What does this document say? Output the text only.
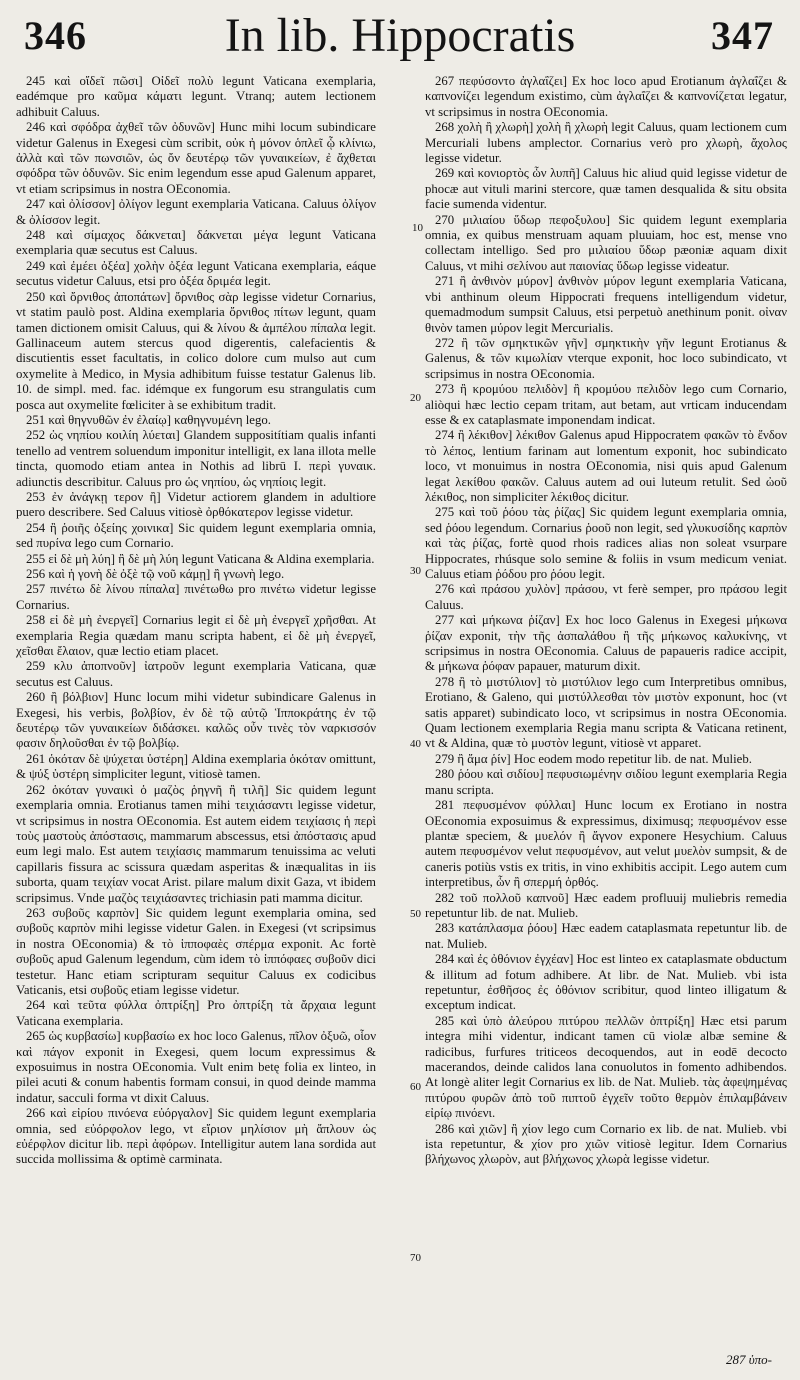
346	In lib. Hippocratis	347

245 καὶ οἴδεῖ πῶσι] Οἰδεῖ πολὺ legunt Vaticana exemplaria, eadémque pro καῦμα κάματι legunt. Vtranq; autem lectionem adhibuit Caluus.

246 καὶ σφόδρα ἀχθεῖ τῶν ὀδυνῶν] Hunc mihi locum subindicare videtur Galenus in Exegesi cùm scribit, οὐκ ἠ μόνον ὁπλεῖ ᾧ κλίνιω, ἀλλὰ καὶ τῶν πωνσιῶν, ὡς ὄν δευτέρῳ τῶν γυναικείων, ἐ ἄχθεται σφόδρα τῶν ὀδυνῶν. Sic enim legendum esse apud Galenum apparet, vt etiam scripsimus in nostra OEconomia.

247 καὶ ὀλίσσον] ὀλίγον legunt exemplaria Vaticana. Caluus ὀλίγον & ὀλίσσον legit.

248 καὶ σίμαχος δάκνεται] δάκνεται μέγα legunt Vaticana exemplaria quæ secutus est Caluus.

249 καὶ ἐμέει ὀξέα] χολὴν ὀξέα legunt Vaticana exemplaria, eáque secutus videtur Caluus, etsi pro ὀξέα δριμέα legit.

250 καὶ ὄρνιθος ἀποπάτων] ὄρνιθος σὰρ legisse videtur Cornarius, vt statim paulò post. Aldina exemplaria ὄρνιθος πίτων legunt, quam tamen dictionem omisit Caluus, qui & λίνου & ἀμπέλου πίπαλα legit. Gallinaceum autem stercus quod digerentis, calefacientis & discutientis esset facultatis, in colico dolore cum mulso aut cum oxymelite à Medico, in Mysia adhibitum fuisse testatur Galenus lib. 10. de simpl. med. fac. idémque ex fungorum esu strangulatis cum posca aut oxymelite fœliciter à se exhibitum tradit.

251 καὶ θηγνυθῶν ἐν ἐλαίῳ] καθηγνυμένη lego.

252 ὡς νηπίου κοιλίη λύεται] Glandem suppositítiam qualis infanti tenello ad ventrem soluendum imponitur intelligit, ex lana illota melle tincta, quomodo etiam antea in Nothis ad librū I. περὶ γυναικ. adiunctis describitur. Caluus pro ὡς νηπίου, ὡς νηπίοις legit.

253 ἐν ἀνάγκῃ τερον ἢ] Videtur actiorem glandem in adultiore puero describere. Sed Caluus vitiosè ὀρθόκατερον legisse videtur.

254 ἢ ῥοιῆς ὀξείης χοινικα] Sic quidem legunt exemplaria omnia, sed πυρίνα lego cum Cornario.

255 εἰ δὲ μὴ λύη] ἢ δὲ μὴ λύη legunt Vaticana & Aldina exemplaria.

256 καὶ ἡ γονὴ δὲ ὀξὲ τῷ νοῦ κάμῃ] ἢ γνωνὴ lego.

257 πινέτω δὲ λίνου πίπαλα] πινέτωθω pro πινέτω videtur legisse Cornarius.

258 εἰ δὲ μὴ ἐνεργεῖ] Cornarius legit εἰ δὲ μὴ ἐνεργεῖ χρῆσθαι. At exemplaria Regia quædam manu scripta habent, εἰ δὲ μὴ ἐνεργεῖ, χεῖσθαι ἔλαιον, quæ lectio etiam placet.

259 κλυ ἀποπνοῦν] ἰατροῦν legunt exemplaria Vaticana, quæ secutus est Caluus.

260 ἢ βόλβιον] Hunc locum mihi videtur subindicare Galenus in Exegesi, his verbis, βολβίον, ἐν δὲ τῷ αὐτῷ Ἱπποκράτης ἐν τῷ δευτέρῳ τῶν γυναικείων διδάσκει. καλῶς οὖν τινὲς τὸν ναρκισσόν φασιν δηλοῦσθαι ἐν τῷ βολβίῳ.

261 ὁκόταν δὲ ψύχεται ὑστέρη] Aldina exemplaria ὁκόταν omittunt, & ψύξ ὑστέρη simpliciter legunt, vitiosè tamen.

262 ὁκόταν γυναικὶ ὁ μαζὸς ῥηγνῆ ἢ τιλῆ] Sic quidem legunt exemplaria omnia. Erotianus tamen mihi τειχιάσαντι legisse videtur, vt scripsimus in nostra OEconomia. Est autem eidem τειχίασις ἡ περὶ τοὺς μαστοὺς ἀπόστασις, mammarum abscessus, etsi ἀπόστασις apud eum legi malo. Est autem τειχίασις mammarum tenuissima ac veluti capillaris fissura ac scissura quædam asperitas & inæqualitas in iis suborta, quam τειχίαν vocat Arist. pilare malum dixit Gaza, vt ibidem scripsimus. Vnde μαζὸς τειχιάσαντες trichiasin pati mamma dicitur.

263 συβοῦς καρπὸν] Sic quidem legunt exemplaria omina, sed συβοῦς καρπὸν mihi legisse videtur Galen. in Exegesi (vt scripsimus in nostra OEconomia) & τὸ ἱπποφαὲς σπέρμα exponit. Ac fortè συβοῦς apud Galenum legendum, cùm idem τὸ ἱππόφαες συβοῦν dici testetur. Hanc etiam scripturam sequitur Caluus ex codicibus Vaticanis, etsi συβοῦς etiam legisse videtur.

264 καὶ τεῦτα φύλλα ὀπτρίξη] Pro ὀπτρίξη τὰ ἄρχαια legunt Vaticana exemplaria.

265 ὡς κυρβασίω] κυρβασίω ex hoc loco Galenus, πῖλον ὀξυῶ, οἷον καὶ πάγον exponit in Exegesi, quem locum expressimus & exposuimus in nostra OEconomia. Vult enim betę folia ex linteo, in pilei acuti & conum habentis formam consui, in quod deinde mamma indatur, sacculi forma vt dixit Caluus.

266 καὶ εἰρίου πινόενα εὐόργαλον] Sic quidem legunt exemplaria omnia, sed εὐόρφολον lego, vt εἴριον μηλίσιον μὴ ἄπλουν ὡς εὐέρφλον dicitur lib. περὶ ἀφόρων. Intelligitur autem lana sordida aut succida mollissima & optimè carminata.

267 πεφύσοντο ἀγλαΐζει] Ex hoc loco apud Erotianum ἀγλαΐζει & καπνονίζει legendum existimo, cùm ἀγλαΐζει & καπνονίζεται legatur, vt scripsimus in nostra OEconomia.

268 χολὴ ἢ χλωρὴ] χολὴ ἢ χλωρὴ legit Caluus, quam lectionem cum Mercuriali lubens amplector. Cornarius verò pro χλωρὴ, ἄχολος legisse videtur.

269 καὶ κονιορτὸς ὧν λυπῆ] Caluus hic aliud quid legisse videtur de phocæ aut vituli marini stercore, quæ tamen desqualida & situ obsita facie sumenda videntur.

270 μιλιαίου ὕδωρ πεφοξυλου] Sic quidem legunt exemplaria omnia, ex quibus menstruam aquam pluuiam, hoc est, mense vno collectam intelligo. Sed pro μιλιαίου ὕδωρ pæoniæ aquam dixit Caluus, vt mihi σελίνου aut παιονίας ὕδωρ legisse videatur.

271 ἢ ἀνθινὸν μύρον] ἀνθινὸν μύρον legunt exemplaria Vaticana, vbi anthinum oleum Hippocrati frequens intelligendum videtur, quemadmodum sumpsit Caluus, etsi perpetuò anethinum ponit. οἰναν θινὸν tamen μύρον legit Mercurialis.

272 ἢ τῶν σμηκτικῶν γῆν] σμηκτικὴν γῆν legunt Erotianus & Galenus, & τῶν κιμωλίαν vterque exponit, hoc loco subindicato, vt scripsimus in nostra OEconomia.

273 ἢ κρομύου πελιδὸν] ἢ κρομύου πελιδὸν lego cum Cornario, aliòqui hæc lectio cepam tritam, aut betam, aut vrticam inducendam esse & ex cataplasmate imponendam indicat.

274 ἢ λέκιθον] λέκιθον Galenus apud Hippocratem φακῶν τὸ ἔνδον τὸ λέπος, lentium farinam aut lomentum exponit, hoc subindicato loco, vt monuimus in nostra OEconomia, nisi quis apud Galenum legat λεκίθου φακῶν. Caluus autem ad oui luteum retulit. Sed ὠοῦ λέκιθος, non simpliciter λέκιθος dicitur.

275 καὶ τοῦ ῥόου τὰς ῥίζας] Sic quidem legunt exemplaria omnia, sed ῥόου legendum. Cornarius ῥοοῦ non legit, sed γλυκυσίδης καρπὸν καὶ τὰς ῥίζας, fortè quod rhois radices alias non soleat vsurpare Hippocrates, rhúsque solo semine & foliis in vsum medicum veniat. Caluus etiam ῥόδου pro ῥόου legit.

276 καὶ πράσου χυλὸν] πράσου, vt ferè semper, pro πράσου legit Caluus.

277 καὶ μήκωνα ῥίζαν] Ex hoc loco Galenus in Exegesi μήκωνα ῥίζαν exponit, τὴν τῆς ἀσπαλάθου ἢ τῆς μήκωνος καλυκίνης, vt scripsimus in nostra OEconomia. Caluus de papaueris radice accipit, & μήκωνα ῥόφαν papauer, maturum dixit.

278 ἢ τὸ μιστύλιον] τὸ μιστύλιον lego cum Interpretibus omnibus, Erotiano, & Galeno, qui μιστύλλεσθαι τὸν μιστὸν exponunt, hoc (vt satis apparet) subindicato loco, vt scripsimus in nostra OEconomia. Quam lectionem exemplaria Regia manu scripta & Vaticana retinent, vt & Aldina, quæ τὸ μυστὸν legunt, vitiosè vt apparet.

279 ἢ ἄμα ῥίν] Hoc eodem modo repetitur lib. de nat. Mulieb.

280 ῥόου καὶ σιδίου] πεφυσιωμένην σιδίου legunt exemplaria Regia manu scripta.

281 πεφυσμένον φύλλαι] Hunc locum ex Erotiano in nostra OEconomia exposuimus & expressimus, diximusq; πεφυσμένον esse plantæ speciem, & μυελόν ἢ ἄγνον exponere Hesychium. Caluus autem πεφυσμένον velut πεφυσμένον, aut velut μυελὸν sumpsit, & de caneris potiùs vstis ex tritis, in vino exhibitis accipit. Lego autem cum interpretibus, ὧν ἢ σπερμή ὀρθός.

282 τοῦ πολλοῦ καπνοῦ] Hæc eadem profluuij muliebris remedia repetuntur lib. de nat. Mulieb.

283 κατάπλασμα ῥόου] Hæc eadem cataplasmata repetuntur lib. de nat. Mulieb.

284 καὶ ἐς ὀθόνιον ἐγχέαν] Hoc est linteo ex cataplasmate obductum & illitum ad fotum adhibere. At libr. de Nat. Mulieb. vbi ista repetuntur, ἐσθῆσος ἐς ὀθόνιον scribitur, quod linteo illigatum & exceptum indicat.

285 καὶ ὑπὸ ἀλεύρου πιτύρου πελλῶν ὀπτρίξη] Hæc etsi parum integra mihi videntur, indicant tamen cū violæ albæ semine & radicibus, furfures triticeos decoquendos, aut in eodē decocto macerandos, deinde calidos lana conuolutos in fomento adhibendos. At longè aliter legit Cornarius ex lib. de Nat. Mulieb. τὰς ἀφεψημένας πιτύρου φυρῶν ἀπὸ τοῦ πιπτοῦ ἐγχεῖν τοῦτο θερμὸν ἐπιλαμβάνειν εἰρίῳ πινόενι.

286 καὶ χιῶν] ἢ χίον lego cum Cornario ex lib. de nat. Mulieb. vbi ista repetuntur, & χίον pro χιῶν vitiosè legitur. Idem Cornarius βλήχωνος χλωρὸν, aut βλήχωνος χλωρὰ legisse videtur.

10
20
30
40
50
60
70
287 ὑπο-
